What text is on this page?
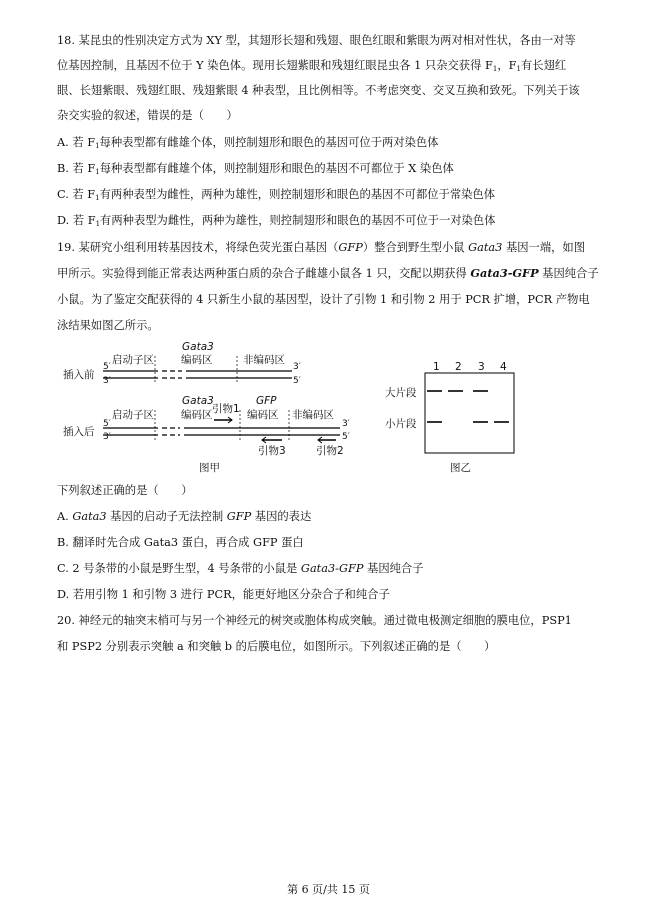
18. 某昆虫的性别决定方式为 XY 型，其翅形长翅和残翅、眼色红眼和紫眼为两对相对性状，各由一对等
位基因控制，且基因不位于 Y 染色体。现用长翅紫眼和残翅红眼昆虫各 1 只杂交获得 $F_1$，$F_1$有长翅红
眼、长翅紫眼、残翅红眼、残翅紫眼 4 种表型，且比例相等。不考虑突变、交叉互换和致死。下列关于该
杂交实验的叙述，错误的是（　　）
A. 若 $F_1$每种表型都有雌雄个体，则控制翅形和眼色的基因可位于两对染色体
B. 若 $F_1$每种表型都有雌雄个体，则控制翅形和眼色的基因不可都位于 X 染色体
C. 若 $F_1$有两种表型为雌性，两种为雄性，则控制翅形和眼色的基因不可都位于常染色体
D. 若 $F_1$有两种表型为雌性，两种为雄性，则控制翅形和眼色的基因不可位于一对染色体
19. 某研究小组利用转基因技术，将绿色荧光蛋白基因（GFP）整合到野生型小鼠 Gata3 基因一端，如图
甲所示。实验得到能正常表达两种蛋白质的杂合子雌雄小鼠各 1 只，交配以期获得 Gata3-GFP 基因纯合子
小鼠。为了鉴定交配获得的 4 只新生小鼠的基因型，设计了引物 1 和引物 2 用于 PCR 扩增，PCR 产物电
泳结果如图乙所示。
启动子区
Gata3
编码区	非编码区
插入前
5′
3′
3′
5′
启动子区
Gata3
编码区 引物1
GFP
编码区 非编码区
插入后
5′
3′
3′
5′
引物3	引物2
图甲
1 2 3 4
大片段
小片段
图乙
下列叙述正确的是（　　）
A. Gata3 基因的启动子无法控制 GFP 基因的表达
B. 翻译时先合成 Gata3 蛋白，再合成 GFP 蛋白
C. 2 号条带的小鼠是野生型，4 号条带的小鼠是 Gata3-GFP 基因纯合子
D. 若用引物 1 和引物 3 进行 PCR，能更好地区分杂合子和纯合子
20. 神经元的轴突末梢可与另一个神经元的树突或胞体构成突触。通过微电极测定细胞的膜电位，PSP1
和 PSP2 分别表示突触 a 和突触 b 的后膜电位，如图所示。下列叙述正确的是（　　）
第 6 页/共 15 页
